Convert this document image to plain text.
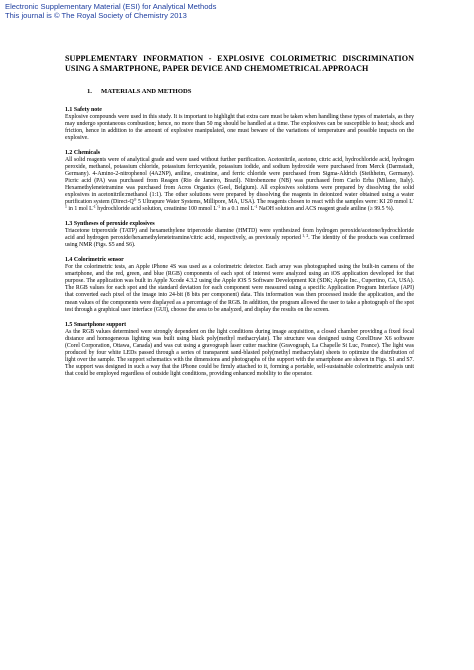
Electronic Supplementary Material (ESI) for Analytical Methods
This journal is © The Royal Society of Chemistry 2013

SUPPLEMENTARY INFORMATION - EXPLOSIVE COLORIMETRIC DISCRIMINATION USING A SMARTPHONE, PAPER DEVICE AND CHEMOMETRICAL APPROACH

1. MATERIALS AND METHODS

1.1 Safety note

Explosive compounds were used in this study. It is important to highlight that extra care must be taken when handling these types of materials, as they may undergo spontaneous combustion; hence, no more than 50 mg should be handled at a time. The explosives can be susceptible to heat; shock and friction, hence in addition to the amount of explosive manipulated, one must beware of the variations of temperature and possible impacts on the explosive.

1.2 Chemicals

All solid reagents were of analytical grade and were used without further purification. Acetonitrile, acetone, citric acid, hydrochloride acid, hydrogen peroxide, methanol, potassium chloride, potassium ferricyanide, potassium iodide, and sodium hydroxide were purchased from Merck (Darmstadt, Germany). 4-Amino-2-nitrophenol (4A2NP), aniline, creatinine, and ferric chloride were purchased from Sigma-Aldrich (Steihheim, Germany). Picric acid (PA) was purchased from Reagen (Rio de Janeiro, Brazil). Nitrobenzene (NB) was purchased from Carlo Erba (Milano, Italy). Hexamethylenetetramine was purchased from Acros Organics (Geel, Belgium). All explosives solutions were prepared by dissolving the solid explosives in acetonitrile:methanol (1:1). The other solutions were prepared by dissolving the reagents in deionized water obtained using a water purification system (Direct-Q® 5 Ultrapure Water Systems, Millipore, MA, USA). The reagents chosen to react with the samples were: KI 20 mmol $L^{-1}$ in 1 mol $L^{-1}$ hydrochloride acid solution, creatinine 100 mmol $L^{-1}$ in a 0.1 mol $L^{-1}$ NaOH solution and ACS reagent grade aniline (≥ 99.5 %).

1.3 Syntheses of peroxide explosives

Triacetone triperoxide (TATP) and hexamethylene triperoxide diamine (HMTD) were synthesized from hydrogen peroxide/acetone/hydrochloride acid and hydrogen peroxide/hexamethylenetetramine/citric acid, respectively, as previously reported $^{1, 2}$. The identity of the products was confirmed using NMR (Figs. S5 and S6).

1.4 Colorimetric sensor

For the colorimetric tests, an Apple iPhone 4S was used as a colorimetric detector. Each array was photographed using the built-in camera of the smartphone, and the red, green, and blue (RGB) components of each spot of interest were analyzed using an iOS application developed for that purpose. The application was built in Apple Xcode 4.3.2 using the Apple iOS 5 Software Development Kit (SDK; Apple Inc., Cupertino, CA, USA). The RGB values for each spot and the standard deviation for each component were measured using a specific Application Program Interface (API) that converted each pixel of the image into 24-bit (8 bits per component) data. This information was then processed inside the application, and the mean values of the components were displayed as a percentage of the RGB. In addition, the program allowed the user to take a photograph of the spot test through a graphical user interface (GUI), choose the area to be analyzed, and display the results on the screen.

1.5 Smartphone support

As the RGB values determined were strongly dependent on the light conditions during image acquisition, a closed chamber providing a fixed focal distance and homogeneous lighting was built using black poly(methyl methacrylate). The structure was designed using CorelDraw X6 software (Corel Corporation, Ottawa, Canada) and was cut using a gravograph laser cutter machine (Gravograph, La Chapelle St Luc, France). The light was produced by four white LEDs passed through a series of transparent sand-blasted poly(methyl methacrylate) sheets to optimize the distribution of light over the sample. The support schematics with the dimensions and photographs of the support with the smartphone are shown in Figs. S1 and S7. The support was designed in such a way that the iPhone could be firmly attached to it, forming a portable, self-sustainable colorimetric analysis unit that could be employed regardless of outside light conditions, providing enhanced mobility to the operator.
